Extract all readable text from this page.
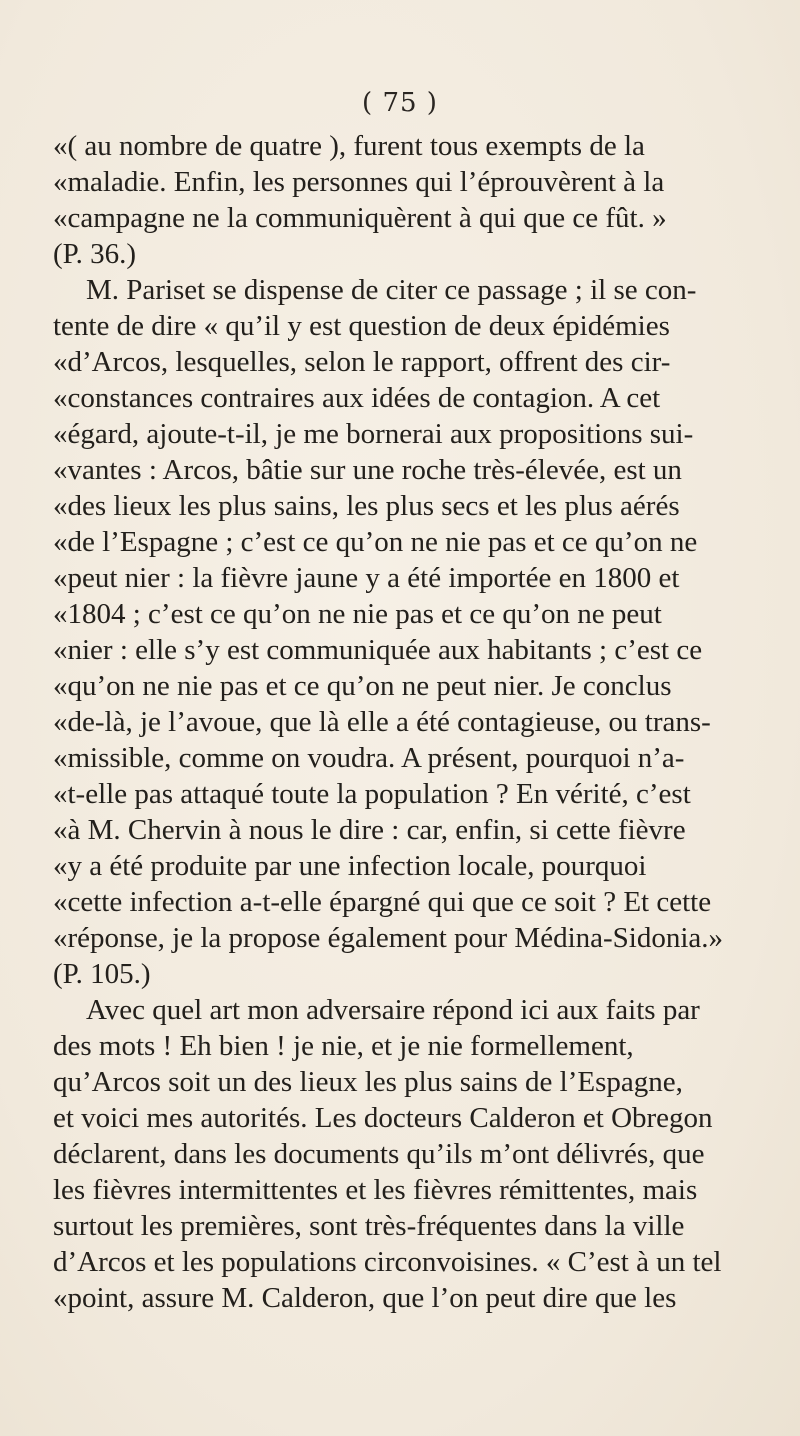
( 75 )
«( au nombre de quatre ), furent tous exempts de la
«maladie. Enfin, les personnes qui l’éprouvèrent à la
«campagne ne la communiquèrent à qui que ce fût. »
(P. 36.)
M. Pariset se dispense de citer ce passage ; il se con-
tente de dire « qu’il y est question de deux épidémies
«d’Arcos, lesquelles, selon le rapport, offrent des cir-
«constances contraires aux idées de contagion. A cet
«égard, ajoute-t-il, je me bornerai aux propositions sui-
«vantes : Arcos, bâtie sur une roche très-élevée, est un
«des lieux les plus sains, les plus secs et les plus aérés
«de l’Espagne ; c’est ce qu’on ne nie pas et ce qu’on ne
«peut nier : la fièvre jaune y a été importée en 1800 et
«1804 ; c’est ce qu’on ne nie pas et ce qu’on ne peut
«nier : elle s’y est communiquée aux habitants ; c’est ce
«qu’on ne nie pas et ce qu’on ne peut nier. Je conclus
«de-là, je l’avoue, que là elle a été contagieuse, ou trans-
«missible, comme on voudra. A présent, pourquoi n’a-
«t-elle pas attaqué toute la population ? En vérité, c’est
«à M. Chervin à nous le dire : car, enfin, si cette fièvre
«y a été produite par une infection locale, pourquoi
«cette infection a-t-elle épargné qui que ce soit ? Et cette
«réponse, je la propose également pour Médina-Sidonia.»
(P. 105.)
Avec quel art mon adversaire répond ici aux faits par
des mots ! Eh bien ! je nie, et je nie formellement,
qu’Arcos soit un des lieux les plus sains de l’Espagne,
et voici mes autorités. Les docteurs Calderon et Obregon
déclarent, dans les documents qu’ils m’ont délivrés, que
les fièvres intermittentes et les fièvres rémittentes, mais
surtout les premières, sont très-fréquentes dans la ville
d’Arcos et les populations circonvoisines. « C’est à un tel
«point, assure M. Calderon, que l’on peut dire que les
